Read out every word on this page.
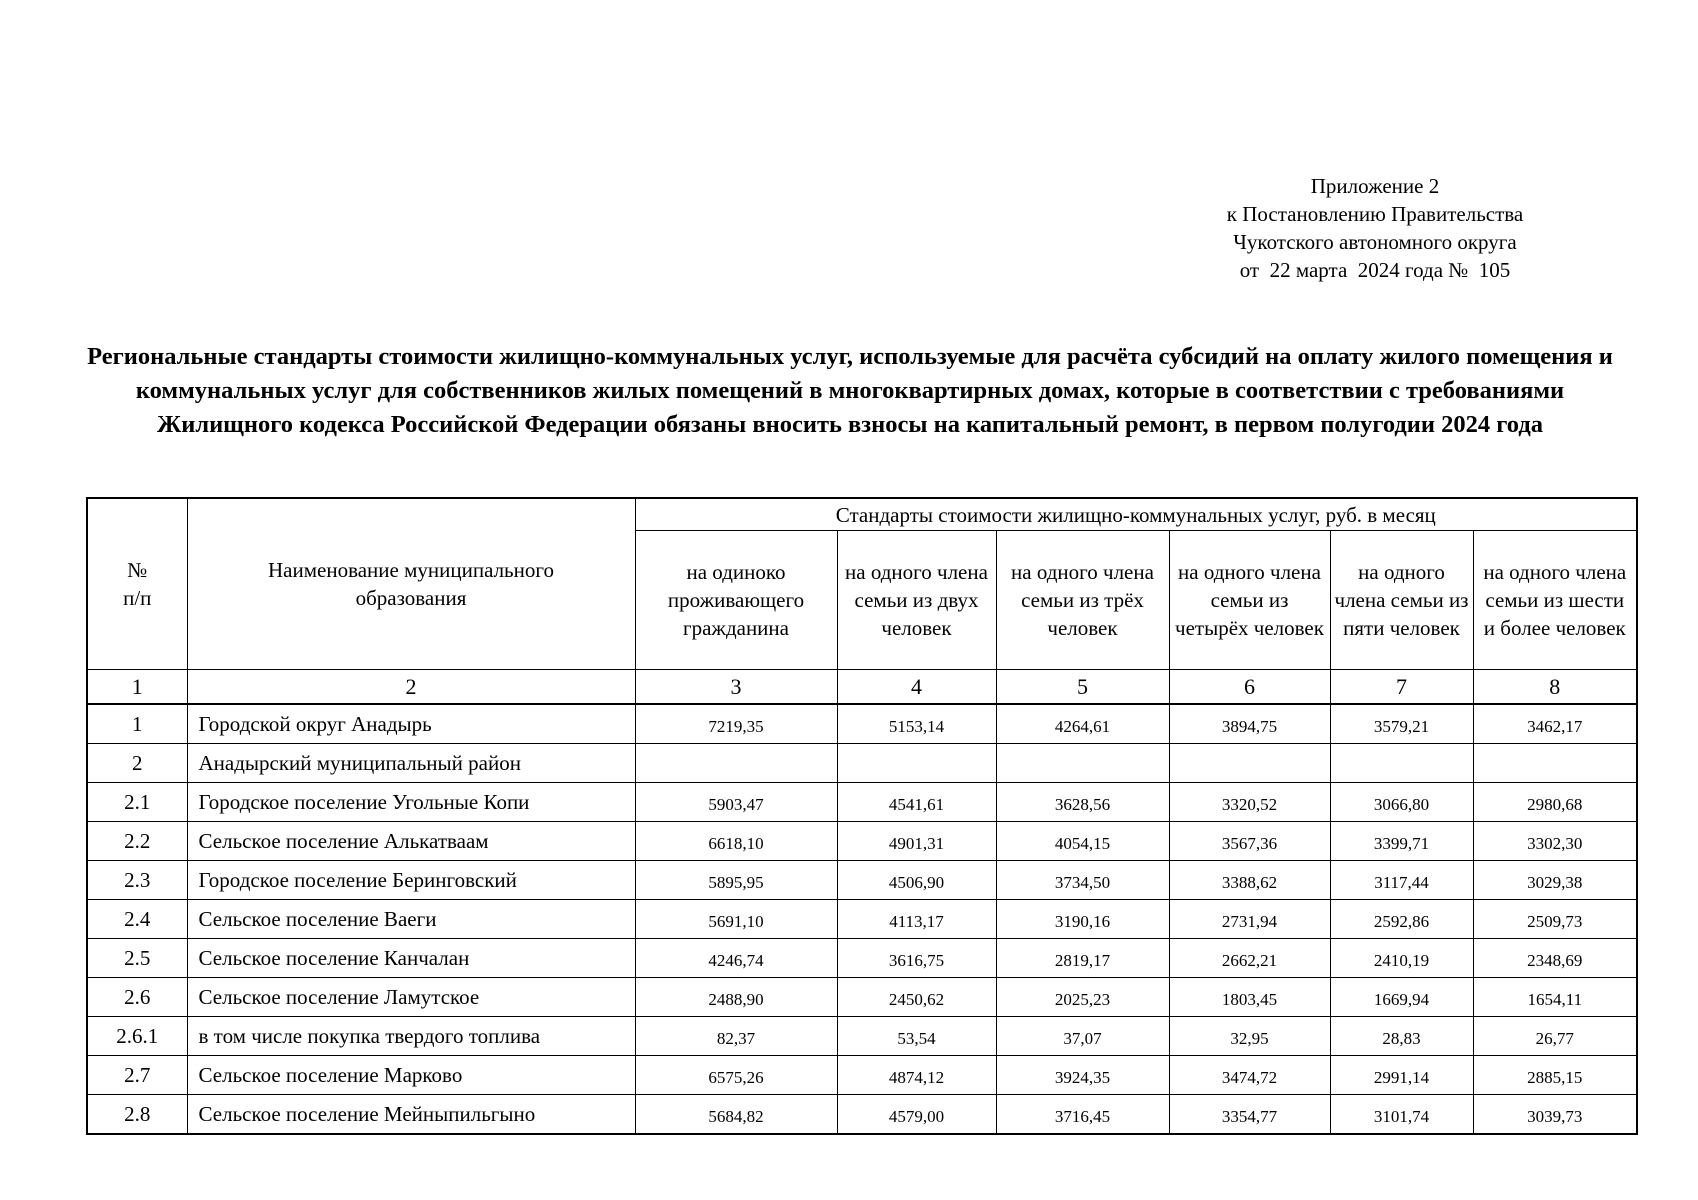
Приложение 2
к Постановлению Правительства
Чукотского автономного округа
от  22 марта  2024 года №  105
Региональные стандарты стоимости жилищно-коммунальных услуг, используемые для расчёта субсидий на оплату жилого помещения и коммунальных услуг для собственников жилых помещений в многоквартирных домах, которые в соответствии с требованиями Жилищного кодекса Российской Федерации обязаны вносить взносы на капитальный ремонт, в первом полугодии 2024 года
№
п/п	Наименование муниципального образования	Стандарты стоимости жилищно-коммунальных услуг, руб. в месяц					
		на одиноко проживающего гражданина	на одного члена семьи из двух человек	на одного члена семьи из трёх человек	на одного члена семьи из четырёх человек	на одного члена семьи из пяти человек	на одного члена семьи из шести и более человек
1	2	3	4	5	6	7	8
1	Городской округ Анадырь	7219,35	5153,14	4264,61	3894,75	3579,21	3462,17
2	Анадырский муниципальный район						
2.1	Городское поселение Угольные Копи	5903,47	4541,61	3628,56	3320,52	3066,80	2980,68
2.2	Сельское поселение Алькатваам	6618,10	4901,31	4054,15	3567,36	3399,71	3302,30
2.3	Городское поселение Беринговский	5895,95	4506,90	3734,50	3388,62	3117,44	3029,38
2.4	Сельское поселение Ваеги	5691,10	4113,17	3190,16	2731,94	2592,86	2509,73
2.5	Сельское поселение Канчалан	4246,74	3616,75	2819,17	2662,21	2410,19	2348,69
2.6	Сельское поселение Ламутское	2488,90	2450,62	2025,23	1803,45	1669,94	1654,11
2.6.1	в том числе покупка твердого топлива	82,37	53,54	37,07	32,95	28,83	26,77
2.7	Сельское поселение Марково	6575,26	4874,12	3924,35	3474,72	2991,14	2885,15
2.8	Сельское поселение Мейныпильгыно	5684,82	4579,00	3716,45	3354,77	3101,74	3039,73
